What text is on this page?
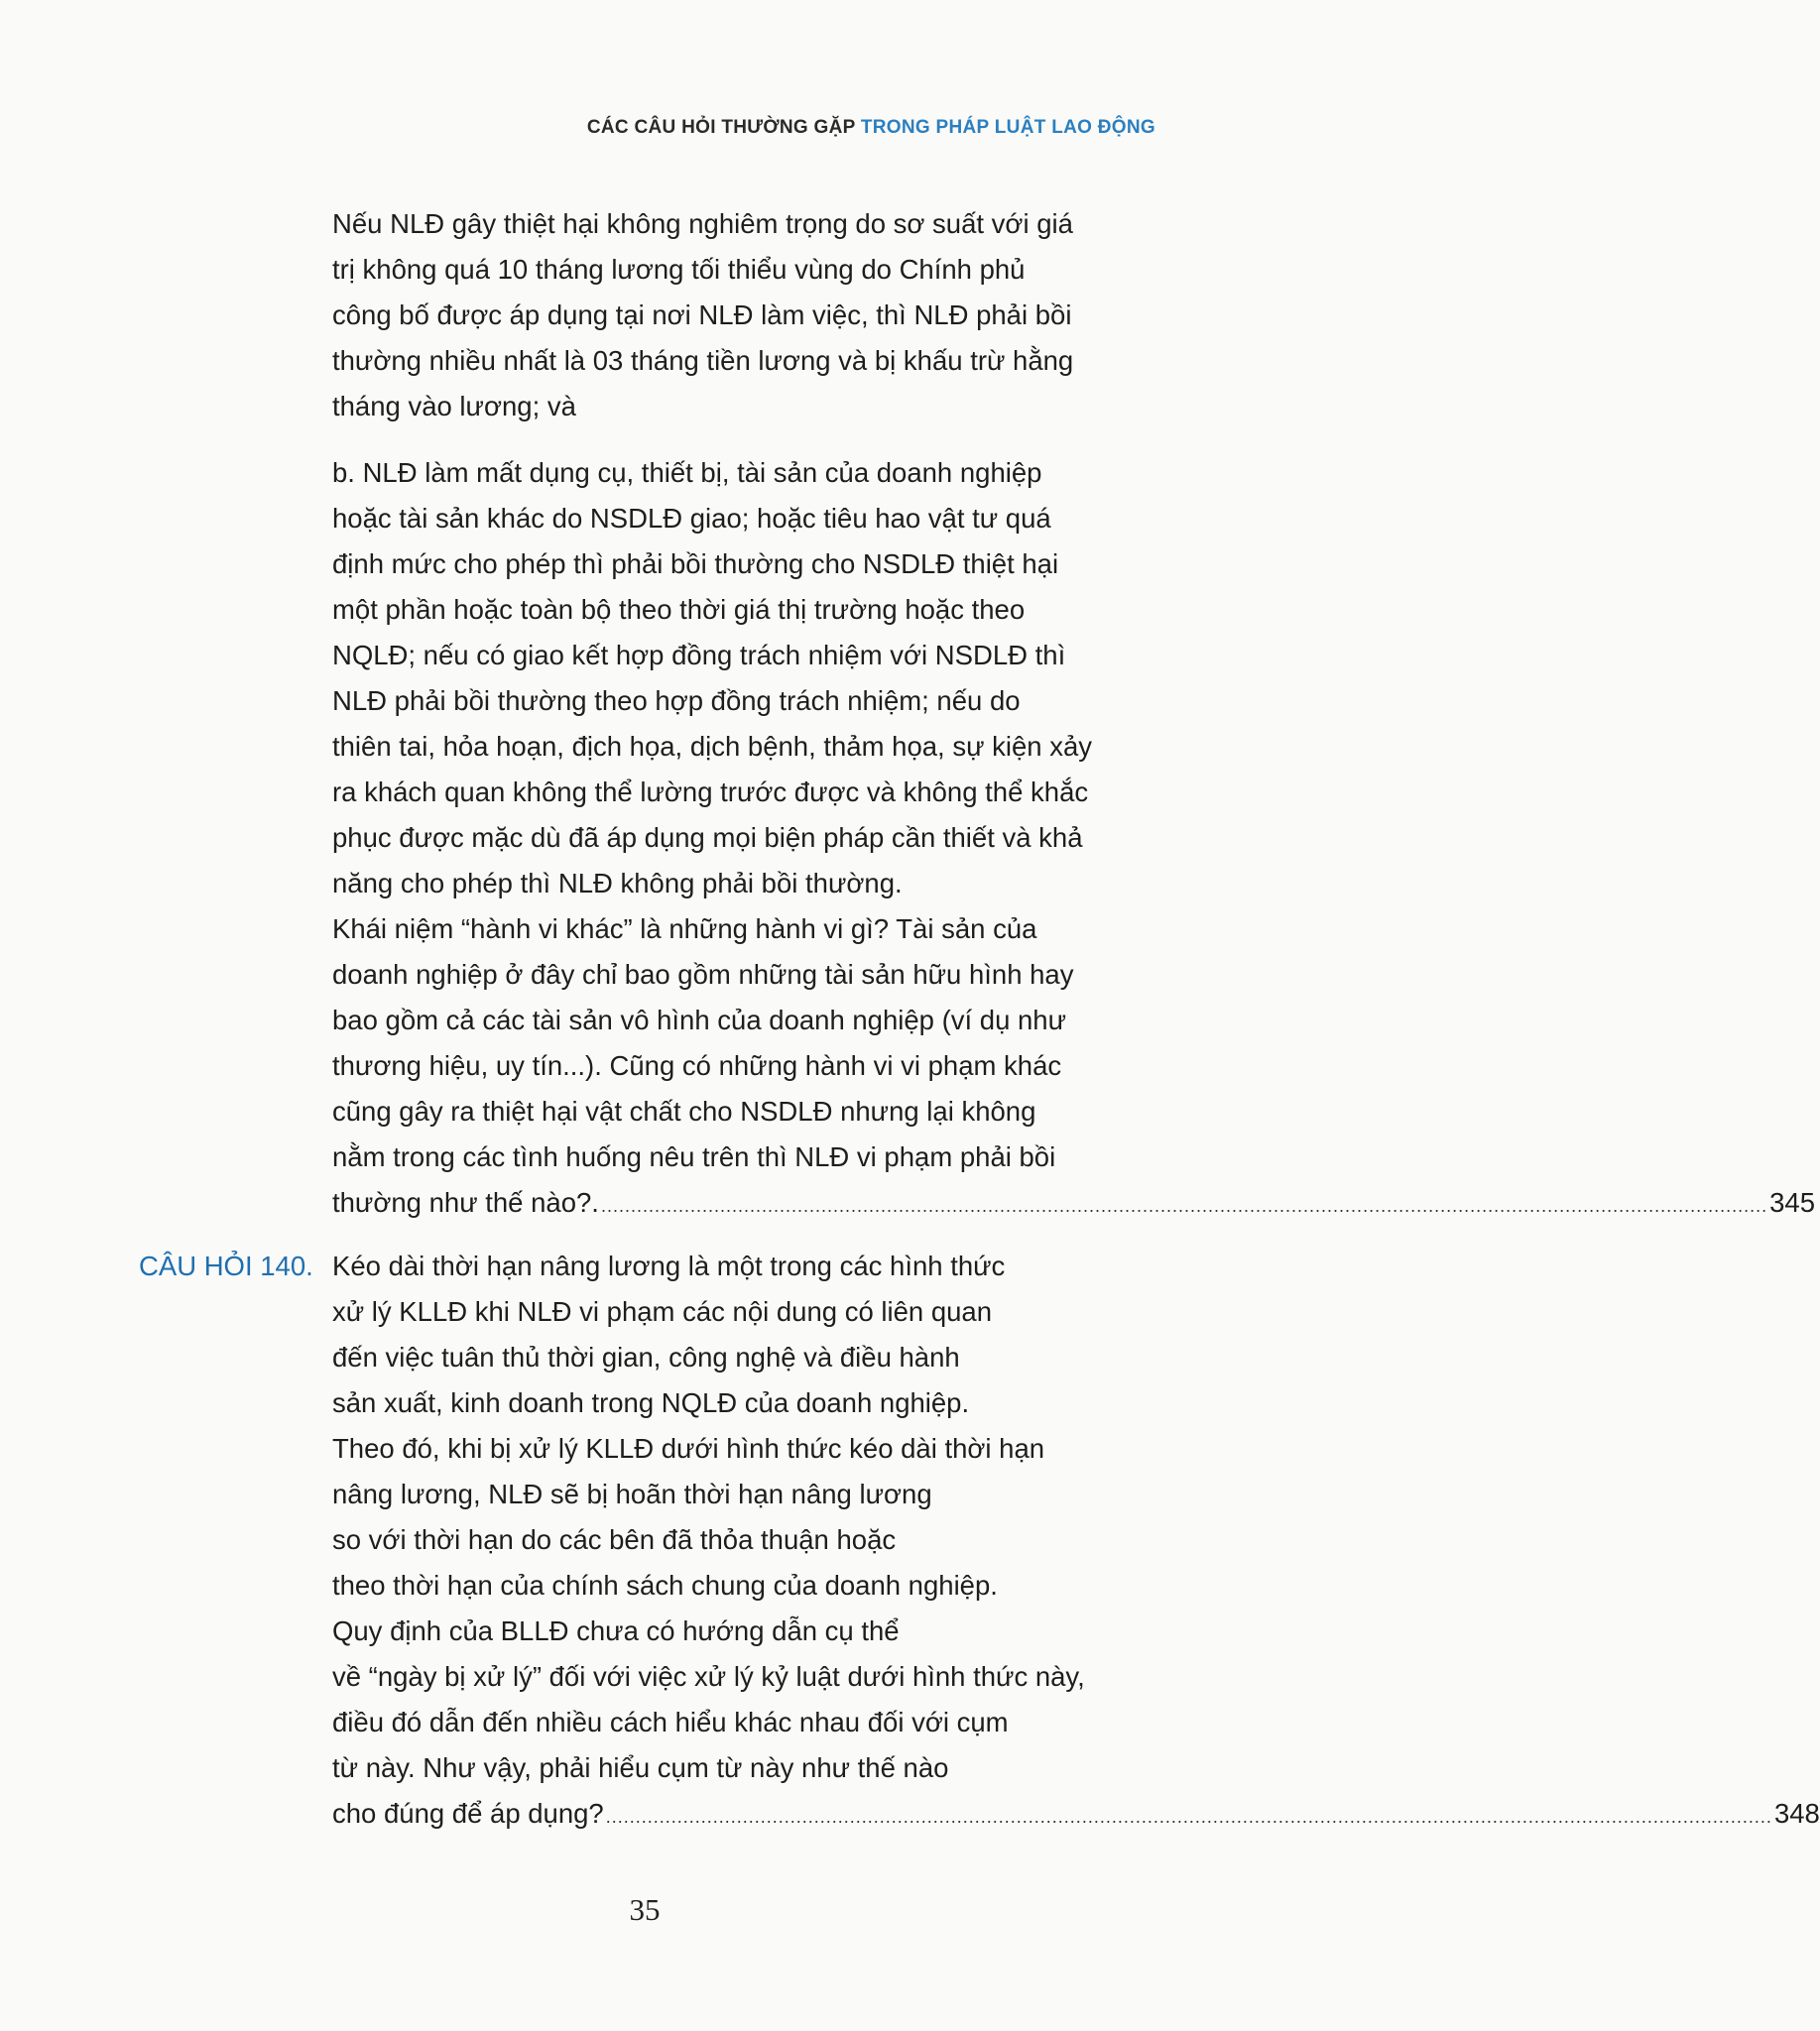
CÁC CÂU HỎI THƯỜNG GẶP TRONG PHÁP LUẬT LAO ĐỘNG
Nếu NLĐ gây thiệt hại không nghiêm trọng do sơ suất với giá
trị không quá 10 tháng lương tối thiểu vùng do Chính phủ
công bố được áp dụng tại nơi NLĐ làm việc, thì NLĐ phải bồi
thường nhiều nhất là 03 tháng tiền lương và bị khấu trừ hằng
tháng vào lương; và
b. NLĐ làm mất dụng cụ, thiết bị, tài sản của doanh nghiệp
hoặc tài sản khác do NSDLĐ giao; hoặc tiêu hao vật tư quá
định mức cho phép thì phải bồi thường cho NSDLĐ thiệt hại
một phần hoặc toàn bộ theo thời giá thị trường hoặc theo
NQLĐ; nếu có giao kết hợp đồng trách nhiệm với NSDLĐ thì
NLĐ phải bồi thường theo hợp đồng trách nhiệm; nếu do
thiên tai, hỏa hoạn, địch họa, dịch bệnh, thảm họa, sự kiện xảy
ra khách quan không thể lường trước được và không thể khắc
phục được mặc dù đã áp dụng mọi biện pháp cần thiết và khả
năng cho phép thì NLĐ không phải bồi thường.
Khái niệm “hành vi khác” là những hành vi gì? Tài sản của
doanh nghiệp ở đây chỉ bao gồm những tài sản hữu hình hay
bao gồm cả các tài sản vô hình của doanh nghiệp (ví dụ như
thương hiệu, uy tín...). Cũng có những hành vi vi phạm khác
cũng gây ra thiệt hại vật chất cho NSDLĐ nhưng lại không
nằm trong các tình huống nêu trên thì NLĐ vi phạm phải bồi
thường như thế nào?. .................................................................................................................................................................................................... 345
CÂU HỎI 140. Kéo dài thời hạn nâng lương là một trong các hình thức
xử lý KLLĐ khi NLĐ vi phạm các nội dung có liên quan
đến việc tuân thủ thời gian, công nghệ và điều hành
sản xuất, kinh doanh trong NQLĐ của doanh nghiệp.
Theo đó, khi bị xử lý KLLĐ dưới hình thức kéo dài thời hạn
nâng lương, NLĐ sẽ bị hoãn thời hạn nâng lương
so với thời hạn do các bên đã thỏa thuận hoặc
theo thời hạn của chính sách chung của doanh nghiệp.
Quy định của BLLĐ chưa có hướng dẫn cụ thể
về “ngày bị xử lý” đối với việc xử lý kỷ luật dưới hình thức này,
điều đó dẫn đến nhiều cách hiểu khác nhau đối với cụm
từ này. Như vậy, phải hiểu cụm từ này như thế nào
cho đúng để áp dụng? .................................................................................................................................................................................................... 348
35
